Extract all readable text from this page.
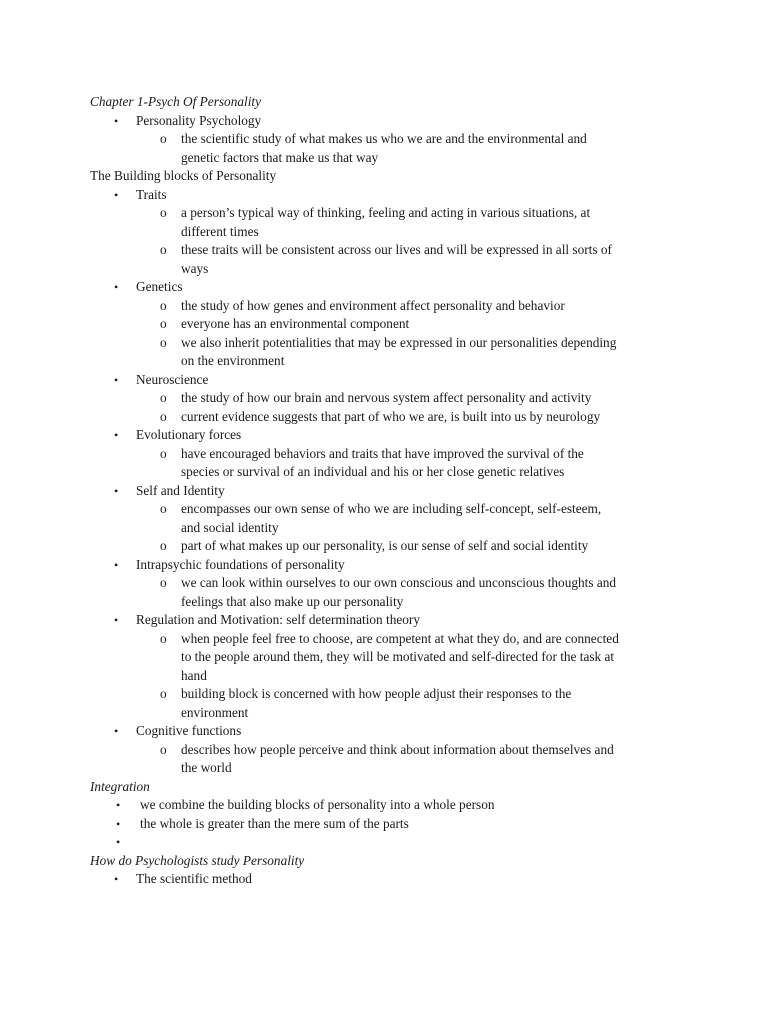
Chapter 1-Psych Of Personality
• Personality Psychology
o the scientific study of what makes us who we are and the environmental and
genetic factors that make us that way
The Building blocks of Personality
• Traits
o a person’s typical way of thinking, feeling and acting in various situations, at
different times
o these traits will be consistent across our lives and will be expressed in all sorts of
ways
• Genetics
o the study of how genes and environment affect personality and behavior
o everyone has an environmental component
o we also inherit potentialities that may be expressed in our personalities depending
on the environment
• Neuroscience
o the study of how our brain and nervous system affect personality and activity
o current evidence suggests that part of who we are, is built into us by neurology
• Evolutionary forces
o have encouraged behaviors and traits that have improved the survival of the
species or survival of an individual and his or her close genetic relatives
• Self and Identity
o encompasses our own sense of who we are including self-concept, self-esteem,
and social identity
o part of what makes up our personality, is our sense of self and social identity
• Intrapsychic foundations of personality
o we can look within ourselves to our own conscious and unconscious thoughts and
feelings that also make up our personality
• Regulation and Motivation: self determination theory
o when people feel free to choose, are competent at what they do, and are connected
to the people around them, they will be motivated and self-directed for the task at
hand
o building block is concerned with how people adjust their responses to the
environment
• Cognitive functions
o describes how people perceive and think about information about themselves and
the world
Integration
• we combine the building blocks of personality into a whole person
• the whole is greater than the mere sum of the parts
•
How do Psychologists study Personality
• The scientific method
